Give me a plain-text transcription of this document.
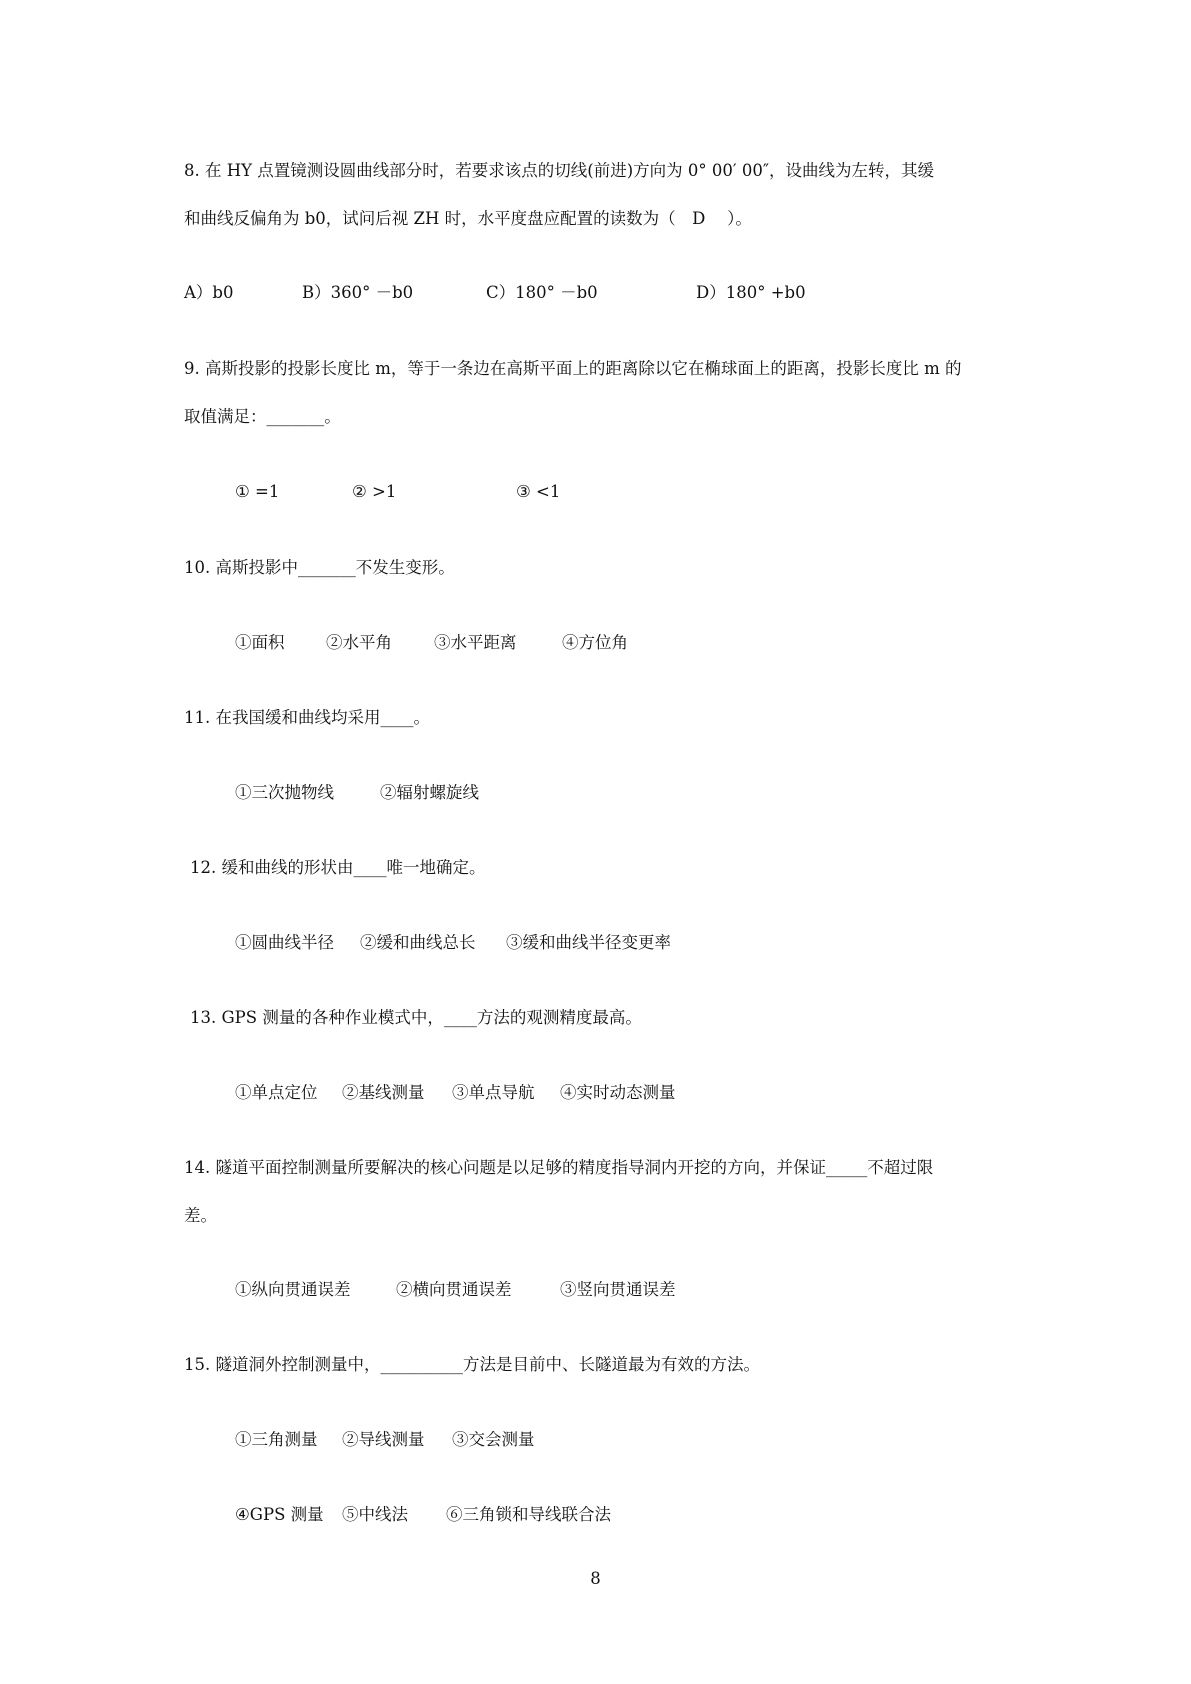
8. 在 HY 点置镜测设圆曲线部分时，若要求该点的切线(前进)方向为 0° 00′ 00″，设曲线为左转，其缓
和曲线反偏角为 b0，试问后视 ZH 时，水平度盘应配置的读数为（　D　 ）。
A）b0	B）360° －b0	C）180° －b0	D）180° +b0
9. 高斯投影的投影长度比 m，等于一条边在高斯平面上的距离除以它在椭球面上的距离，投影长度比 m 的
取值满足：_______。
① =1	② >1	③ <1
10. 高斯投影中_______不发生变形。
①面积	②水平角	③水平距离	④方位角
11. 在我国缓和曲线均采用____。
①三次抛物线	②辐射螺旋线
12. 缓和曲线的形状由____唯一地确定。
①圆曲线半径 ②缓和曲线总长 ③缓和曲线半径变更率
13. GPS 测量的各种作业模式中，____方法的观测精度最高。
①单点定位 ②基线测量 ③单点导航 ④实时动态测量
14. 隧道平面控制测量所要解决的核心问题是以足够的精度指导洞内开挖的方向，并保证_____不超过限
差。
①纵向贯通误差	②横向贯通误差	③竖向贯通误差
15. 隧道洞外控制测量中，__________方法是目前中、长隧道最为有效的方法。
①三角测量 ②导线测量 ③交会测量
④GPS 测量 ⑤中线法 ⑥三角锁和导线联合法
8
